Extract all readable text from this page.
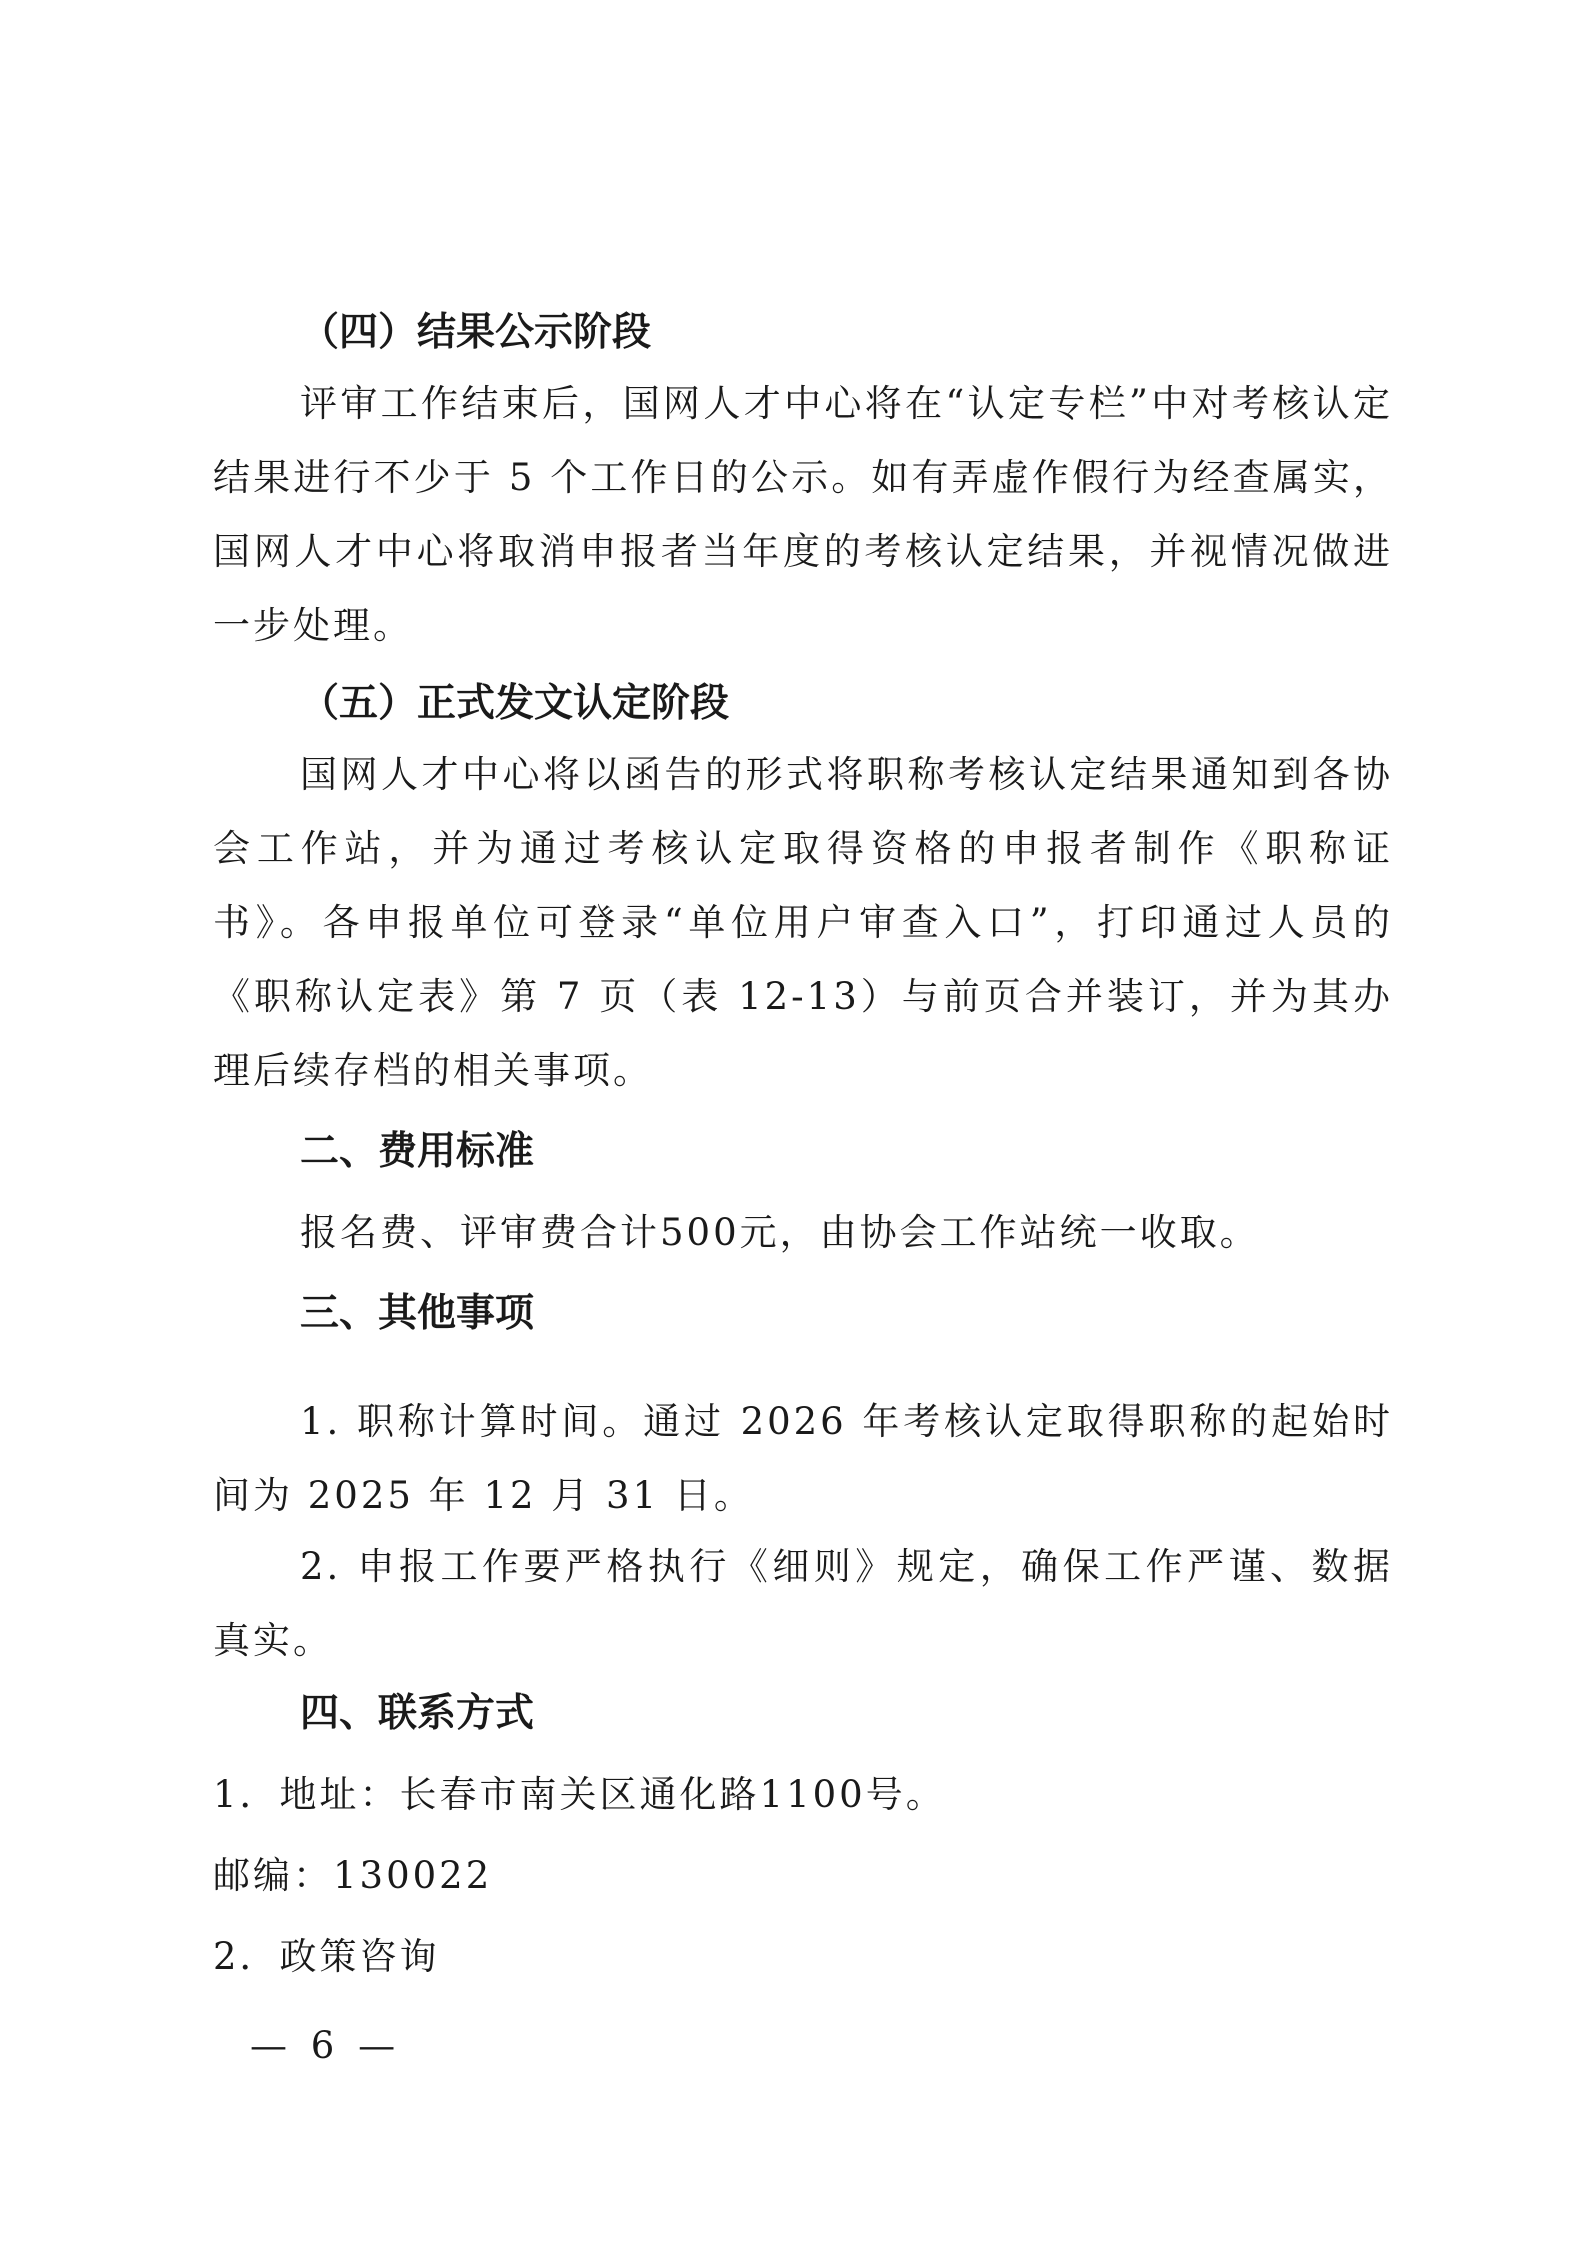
（四）结果公示阶段

评审工作结束后，国网人才中心将在“认定专栏”中对考核认定结果进行不少于 5 个工作日的公示。如有弄虚作假行为经查属实，国网人才中心将取消申报者当年度的考核认定结果，并视情况做进一步处理。

（五）正式发文认定阶段

国网人才中心将以函告的形式将职称考核认定结果通知到各协会工作站，并为通过考核认定取得资格的申报者制作《职称证书》。各申报单位可登录“单位用户审查入口”，打印通过人员的《职称认定表》第 7 页（表 12-13）与前页合并装订，并为其办理后续存档的相关事项。

二、费用标准

报名费、评审费合计500元，由协会工作站统一收取。

三、其他事项

1. 职称计算时间。通过 2026 年考核认定取得职称的起始时间为 2025 年 12 月 31 日。

2. 申报工作要严格执行《细则》规定，确保工作严谨、数据真实。

四、联系方式

1．地址：长春市南关区通化路1100号。

邮编：130022

2．政策咨询

— 6 —
